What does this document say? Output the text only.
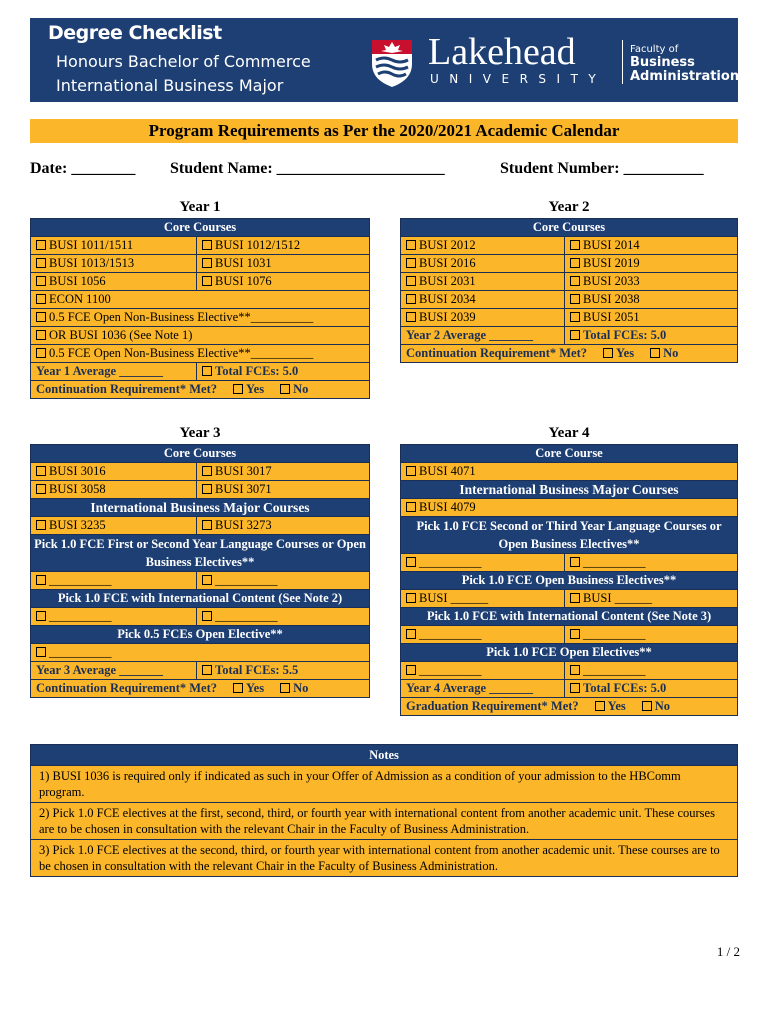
Degree Checklist
Honours Bachelor of Commerce
International Business Major
Lakehead
UNIVERSITY
Faculty of
Business
Administration
Program Requirements as Per the 2020/2021 Academic Calendar
Date: ________ Student Name: _____________________	Student Number: __________
Year 1
Core Courses	
BUSI 1011/1511	BUSI 1012/1512
BUSI 1013/1513	BUSI 1031
BUSI 1056	BUSI 1076
ECON 1100	
0.5 FCE Open Non-Business Elective**__________	
OR BUSI 1036 (See Note 1)	
0.5 FCE Open Non-Business Elective**__________	
Year 1 Average _______	Total FCEs: 5.0
Continuation Requirement* Met? Yes No	
Year 2
Core Courses	
BUSI 2012	BUSI 2014
BUSI 2016	BUSI 2019
BUSI 2031	BUSI 2033
BUSI 2034	BUSI 2038
BUSI 2039	BUSI 2051
Year 2 Average _______	Total FCEs: 5.0
Continuation Requirement* Met? Yes No	
Year 3
Core Courses	
BUSI 3016	BUSI 3017
BUSI 3058	BUSI 3071
International Business Major Courses	
BUSI 3235	BUSI 3273
Pick 1.0 FCE First or Second Year Language Courses or Open Business Electives**	
__________	__________
Pick 1.0 FCE with International Content (See Note 2)	
__________	__________
Pick 0.5 FCEs Open Elective**	
__________	
Year 3 Average _______	Total FCEs: 5.5
Continuation Requirement* Met? Yes No	
Year 4
Core Course	
BUSI 4071	
International Business Major Courses	
BUSI 4079	
Pick 1.0 FCE Second or Third Year Language Courses or Open Business Electives**	
__________	__________
Pick 1.0 FCE Open Business Electives**	
BUSI ______	BUSI ______
Pick 1.0 FCE with International Content (See Note 3)	
__________	__________
Pick 1.0 FCE Open Electives**	
__________	__________
Year 4 Average _______	Total FCEs: 5.0
Graduation Requirement* Met? Yes No	
Notes
1) BUSI 1036 is required only if indicated as such in your Offer of Admission as a condition of your admission to the HBComm program.
2) Pick 1.0 FCE electives at the first, second, third, or fourth year with international content from another academic unit. These courses are to be chosen in consultation with the relevant Chair in the Faculty of Business Administration.
3) Pick 1.0 FCE electives at the second, third, or fourth year with international content from another academic unit. These courses are to be chosen in consultation with the relevant Chair in the Faculty of Business Administration.
1 / 2
